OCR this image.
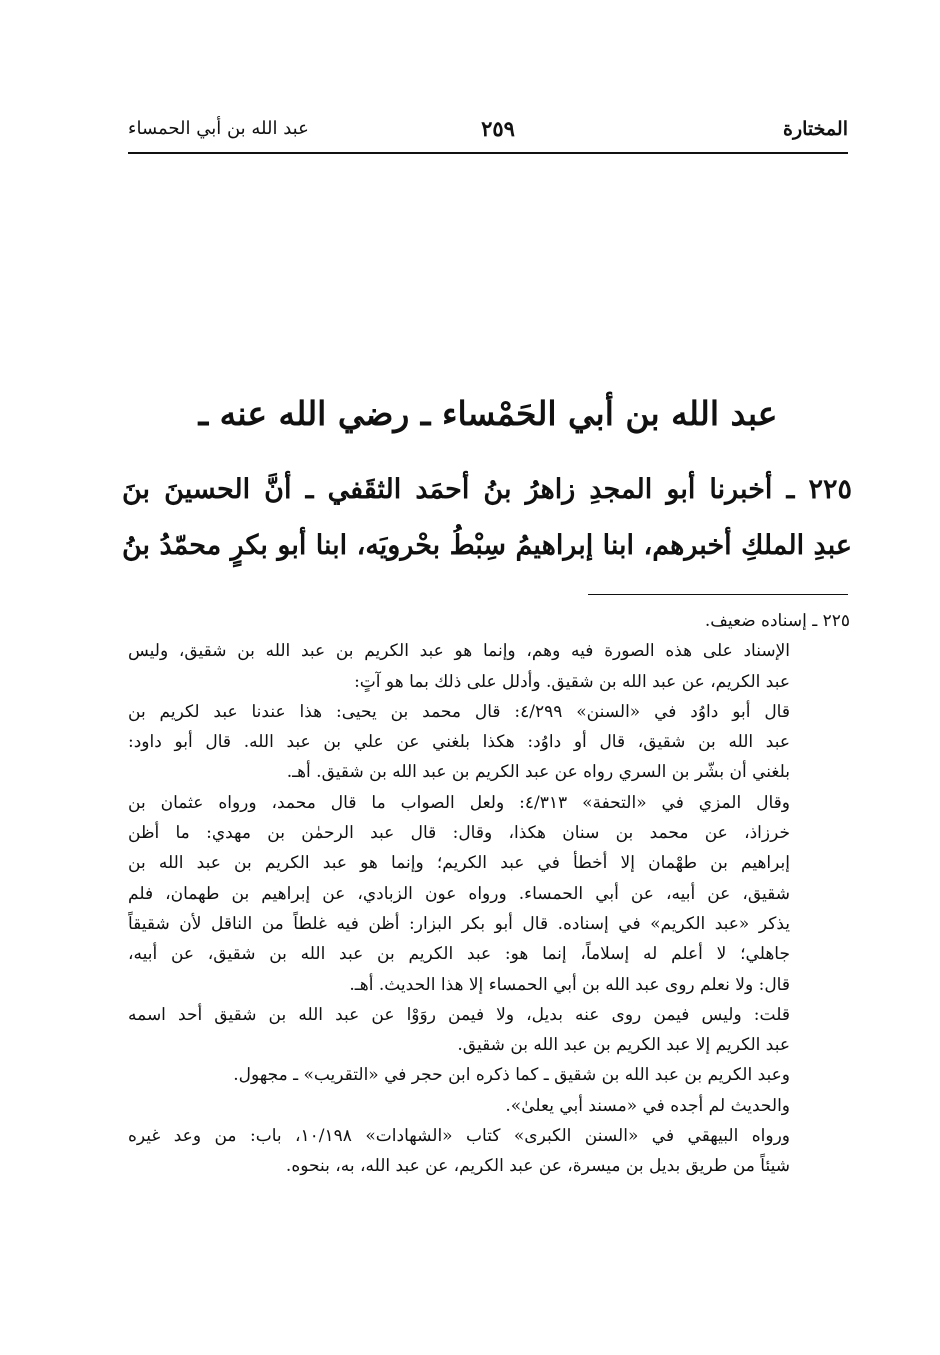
المختارة
٢٥٩
عبد الله بن أبي الحمساء
عبد الله بن أبي الحَمْساء ـ رضي الله عنه ـ
٢٢٥ ـ أخبرنا أبو المجدِ زاهرُ بنُ أحمَد الثقَفي ـ أنَّ الحسينَ بنَ
عبدِ الملكِ أخبرهم، ابنا إبراهيمُ سِبْطُ بحْرويَه، ابنا أبو بكرٍ محمّدُ بنُ
٢٢٥ ـ إسناده ضعيف.
الإسناد على هذه الصورة فيه وهم، وإنما هو عبد الكريم بن عبد الله بن شقيق، وليس
عبد الكريم، عن عبد الله بن شقيق. وأدلل على ذلك بما هو آتٍ:
قال أبو داوُد في «السنن» ٤/٢٩٩: قال محمد بن يحيى: هذا عندنا عبد لكريم بن
عبد الله بن شقيق، قال أو داوُد: هكذا بلغني عن علي بن عبد الله. قال أبو داود:
بلغني أن بشّر بن السري رواه عن عبد الكريم بن عبد الله بن شقيق. أهـ.
وقال المزي في «التحفة» ٤/٣١٣: ولعل الصواب ما قال محمد، ورواه عثمان بن
خرزاذ، عن محمد بن سنان هكذا، وقال: قال عبد الرحمٰن بن مهدي: ما أظن
إبراهيم بن طهْمان إلا أخطأ في عبد الكريم؛ وإنما هو عبد الكريم بن عبد الله بن
شقيق، عن أبيه، عن أبي الحمساء. ورواه عون الزبادي، عن إبراهيم بن طهمان، فلم
يذكر «عبد الكريم» في إسناده. قال أبو بكر البزار: أظن فيه غلطاً من الناقل لأن شقيقاً
جاهلي؛ لا أعلم له إسلاماً، إنما هو: عبد الكريم بن عبد الله بن شقيق، عن أبيه،
قال: ولا نعلم روى عبد الله بن أبي الحمساء إلا هذا الحديث. أهـ.
قلت: وليس فيمن روى عنه بديل، ولا فيمن روَوْا عن عبد الله بن شقيق أحد اسمه
عبد الكريم إلا عبد الكريم بن عبد الله بن شقيق.
وعبد الكريم بن عبد الله بن شقيق ـ كما ذكره ابن حجر في «التقريب» ـ مجهول.
والحديث لم أجده في «مسند أبي يعلىٰ».
ورواه البيهقي في «السنن الكبرى» كتاب «الشهادات» ١٠/١٩٨، باب: من وعد غيره
شيئاً من طريق بديل بن ميسرة، عن عبد الكريم، عن عبد الله، به، بنحوه.
